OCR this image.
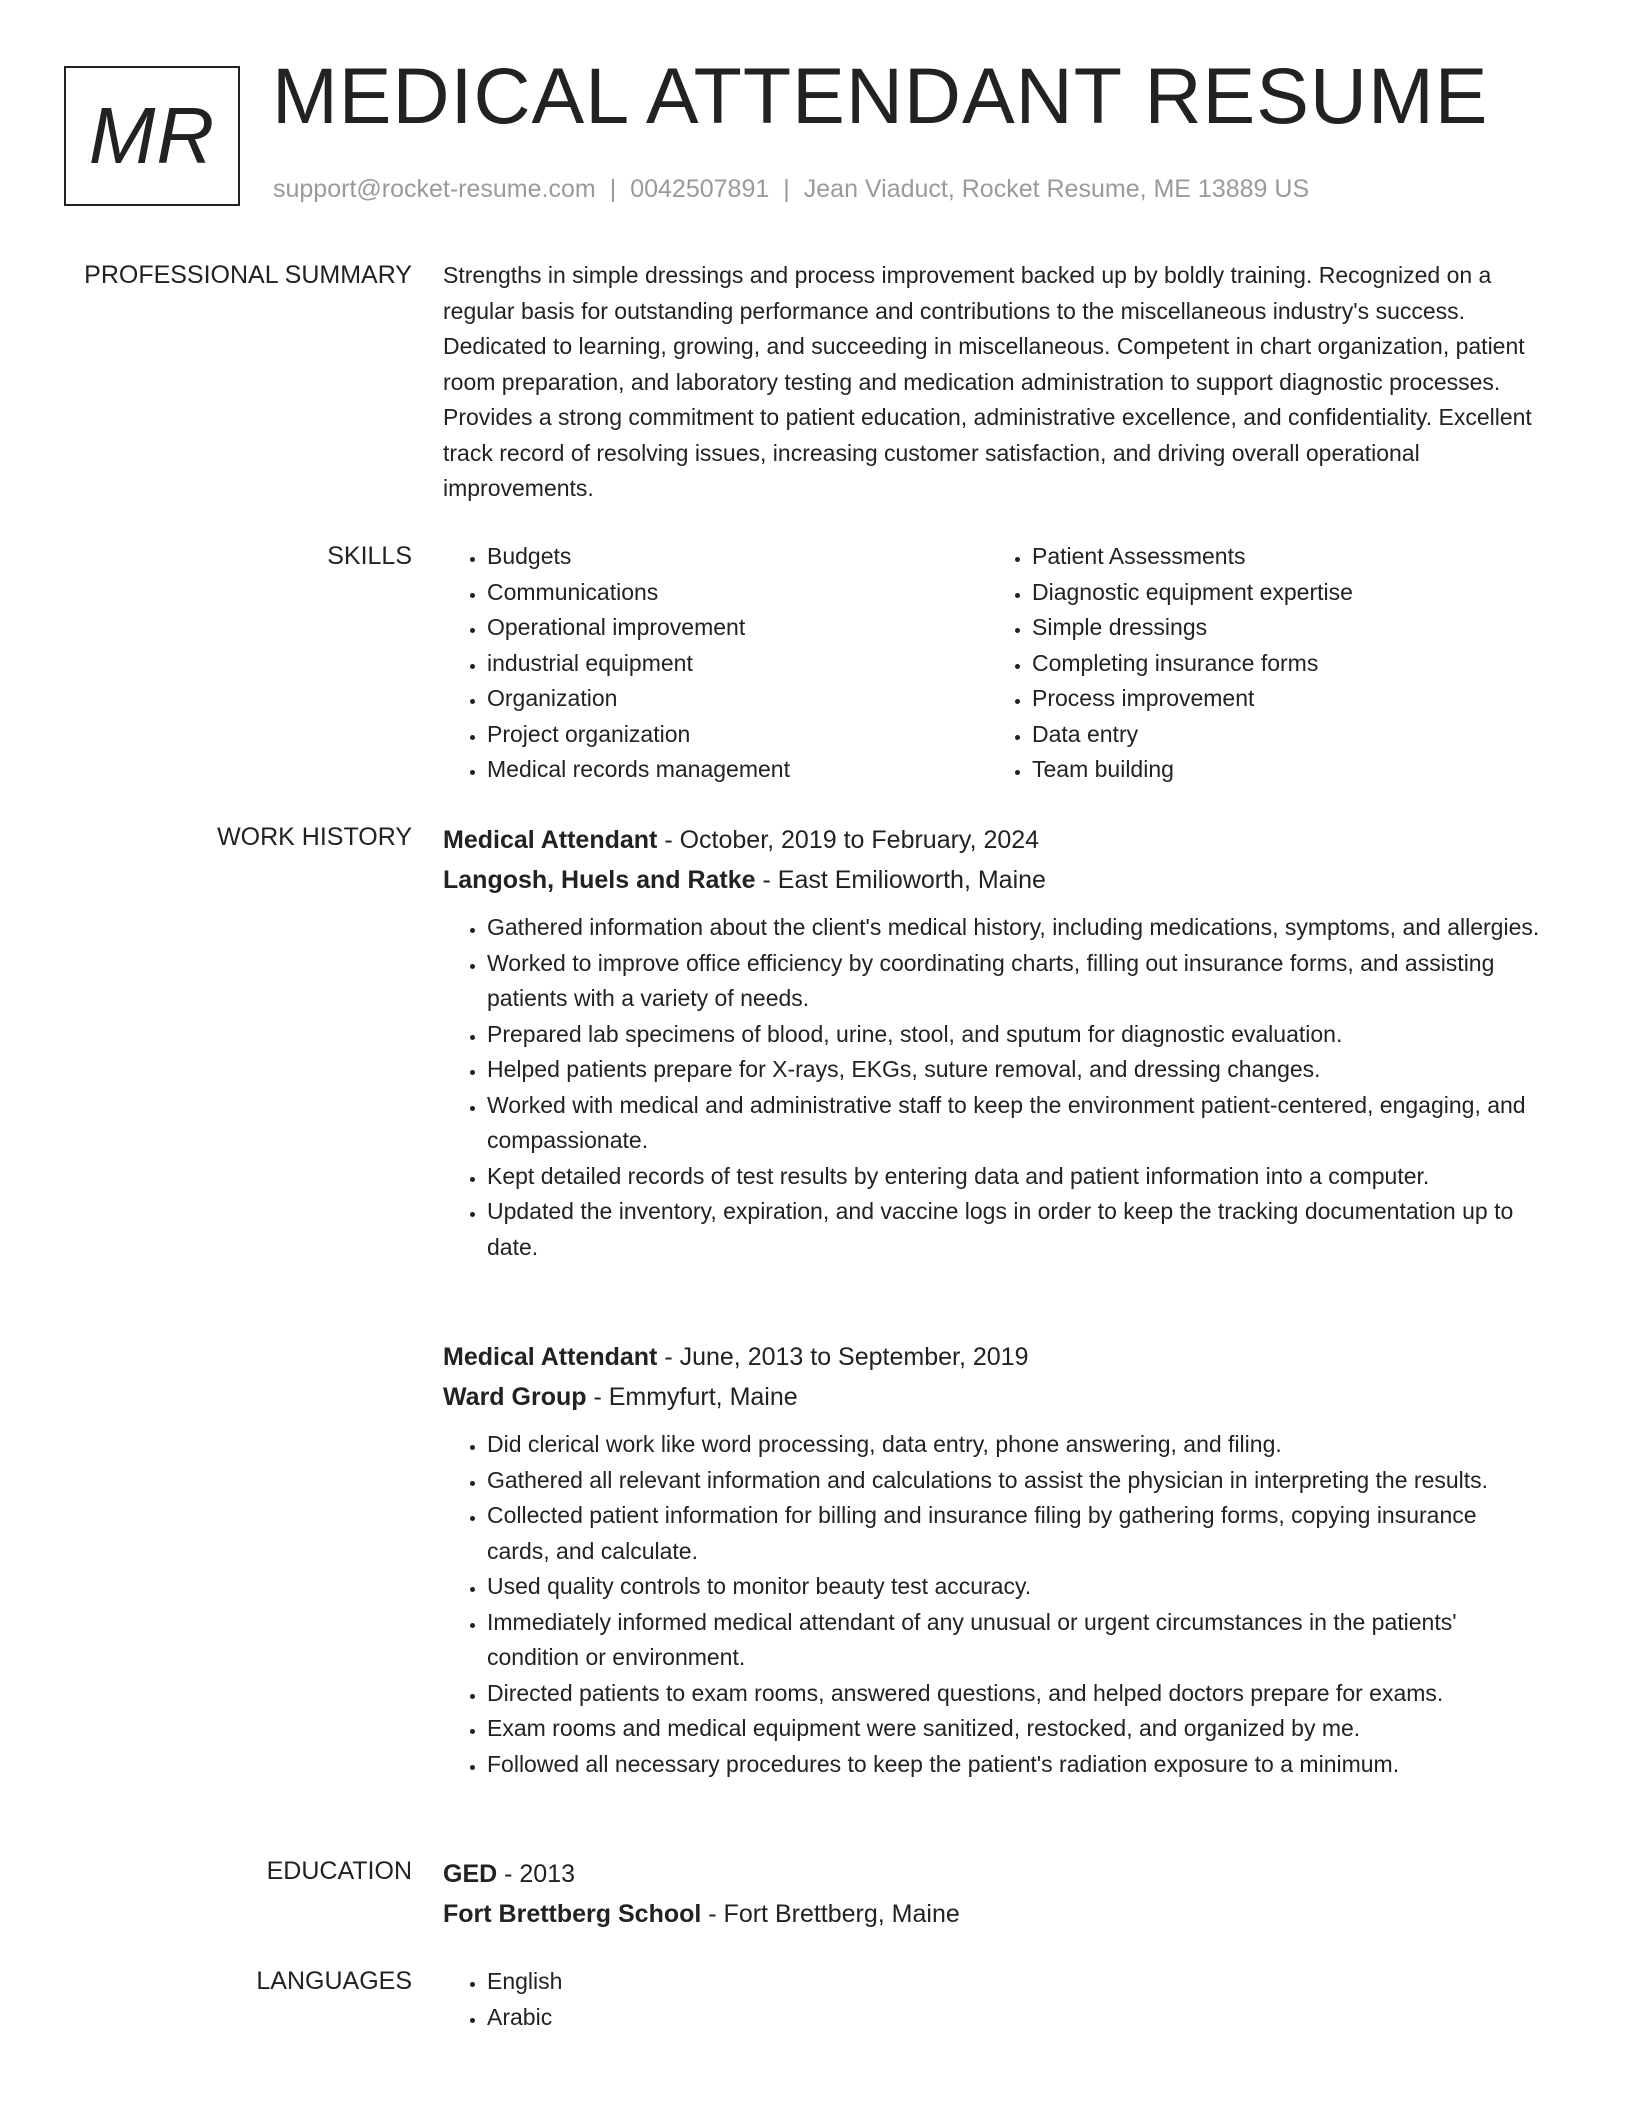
MR MEDICAL ATTENDANT RESUME
support@rocket-resume.com | 0042507891 | Jean Viaduct, Rocket Resume, ME 13889 US
PROFESSIONAL SUMMARY Strengths in simple dressings and process improvement backed up by boldly training. Recognized on a regular basis for outstanding performance and contributions to the miscellaneous industry's success. Dedicated to learning, growing, and succeeding in miscellaneous. Competent in chart organization, patient room preparation, and laboratory testing and medication administration to support diagnostic processes. Provides a strong commitment to patient education, administrative excellence, and confidentiality. Excellent track record of resolving issues, increasing customer satisfaction, and driving overall operational improvements.

SKILLS	• Budgets
• Communications
• Operational improvement
• industrial equipment
• Organization
• Project organization
• Medical records management
• Patient Assessments
• Diagnostic equipment expertise
• Simple dressings
• Completing insurance forms
• Process improvement
• Data entry
• Team building
WORK HISTORY Medical Attendant - October, 2019 to February, 2024
Langosh, Huels and Ratke - East Emilioworth, Maine
• Gathered information about the client's medical history, including medications, symptoms, and allergies.
• Worked to improve office efficiency by coordinating charts, filling out insurance forms, and assisting patients with a variety of needs.
• Prepared lab specimens of blood, urine, stool, and sputum for diagnostic evaluation.
• Helped patients prepare for X-rays, EKGs, suture removal, and dressing changes.
• Worked with medical and administrative staff to keep the environment patient-centered, engaging, and compassionate.
• Kept detailed records of test results by entering data and patient information into a computer.
• Updated the inventory, expiration, and vaccine logs in order to keep the tracking documentation up to date.
Medical Attendant - June, 2013 to September, 2019
Ward Group - Emmyfurt, Maine
• Did clerical work like word processing, data entry, phone answering, and filing.
• Gathered all relevant information and calculations to assist the physician in interpreting the results.
• Collected patient information for billing and insurance filing by gathering forms, copying insurance cards, and calculate.
• Used quality controls to monitor beauty test accuracy.
• Immediately informed medical attendant of any unusual or urgent circumstances in the patients' condition or environment.
• Directed patients to exam rooms, answered questions, and helped doctors prepare for exams.
• Exam rooms and medical equipment were sanitized, restocked, and organized by me.
• Followed all necessary procedures to keep the patient's radiation exposure to a minimum.
EDUCATION GED - 2013
Fort Brettberg School - Fort Brettberg, Maine
LANGUAGES	• English
• Arabic
